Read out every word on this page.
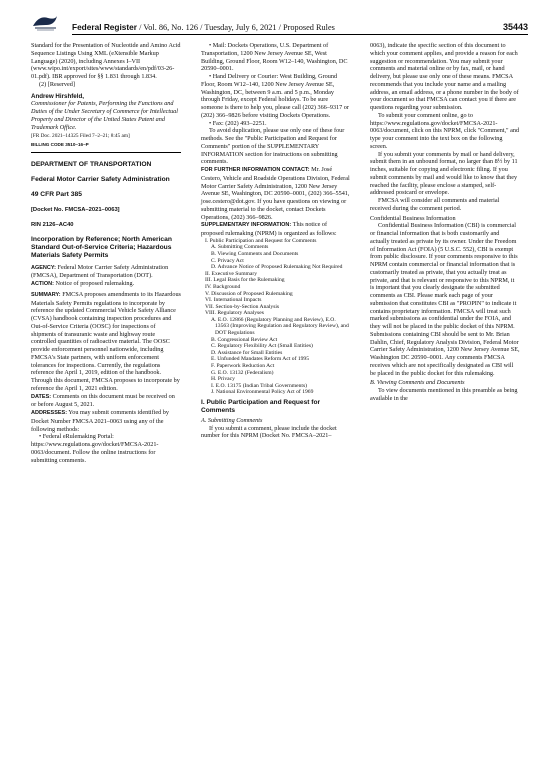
Federal Register / Vol. 86, No. 126 / Tuesday, July 6, 2021 / Proposed Rules	35443

Standard for the Presentation of Nucleotide and Amino Acid Sequence Listings Using XML (eXtensible Markup Language) (2020), including Annexes I–VII (www.wipo.int/export/sites/www/standards/en/pdf/03-26-01.pdf). IBR approved for §§ 1.831 through 1.834.

(2) [Reserved]

Andrew Hirshfeld,

Commissioner for Patents, Performing the Functions and Duties of the Under Secretary of Commerce for Intellectual Property and Director of the United States Patent and Trademark Office.

[FR Doc. 2021–14325 Filed 7–2–21; 8:45 am]

BILLING CODE 3510–16–P

DEPARTMENT OF TRANSPORTATION

Federal Motor Carrier Safety Administration

49 CFR Part 385

[Docket No. FMCSA–2021–0063]

RIN 2126–AC40

Incorporation by Reference; North American Standard Out-of-Service Criteria; Hazardous Materials Safety Permits

AGENCY: Federal Motor Carrier Safety Administration (FMCSA), Department of Transportation (DOT).

ACTION: Notice of proposed rulemaking.

SUMMARY: FMCSA proposes amendments to its Hazardous Materials Safety Permits regulations to incorporate by reference the updated Commercial Vehicle Safety Alliance (CVSA) handbook containing inspection procedures and Out-of-Service Criteria (OOSC) for inspections of shipments of transuranic waste and highway route controlled quantities of radioactive material. The OOSC provide enforcement personnel nationwide, including FMCSA's State partners, with uniform enforcement tolerances for inspections. Currently, the regulations reference the April 1, 2019, edition of the handbook. Through this document, FMCSA proposes to incorporate by reference the April 1, 2021 edition.

DATES: Comments on this document must be received on or before August 5, 2021.

ADDRESSES: You may submit comments identified by Docket Number FMCSA 2021–0063 using any of the following methods:

• Federal eRulemaking Portal: https://www.regulations.gov/docket/FMCSA-2021-0063/document. Follow the online instructions for submitting comments.

• Mail: Dockets Operations, U.S. Department of Transportation, 1200 New Jersey Avenue SE, West Building, Ground Floor, Room W12–140, Washington, DC 20590–0001.

• Hand Delivery or Courier: West Building, Ground Floor, Room W12–140, 1200 New Jersey Avenue SE, Washington, DC, between 9 a.m. and 5 p.m., Monday through Friday, except Federal holidays. To be sure someone is there to help you, please call (202) 366–9317 or (202) 366–9826 before visiting Dockets Operations.

• Fax: (202) 493–2251.

To avoid duplication, please use only one of these four methods. See the "Public Participation and Request for Comments" portion of the SUPPLEMENTARY INFORMATION section for instructions on submitting comments.

FOR FURTHER INFORMATION CONTACT: Mr. José Cestero, Vehicle and Roadside Operations Division, Federal Motor Carrier Safety Administration, 1200 New Jersey Avenue SE, Washington, DC 20590–0001, (202) 366–5541, jose.cestero@dot.gov. If you have questions on viewing or submitting material to the docket, contact Dockets Operations, (202) 366–9826.

SUPPLEMENTARY INFORMATION: This notice of proposed rulemaking (NPRM) is organized as follows:

I. Public Participation and Request for Comments
A. Submitting Comments
B. Viewing Comments and Documents
C. Privacy Act
D. Advance Notice of Proposed Rulemaking Not Required
II. Executive Summary
III. Legal Basis for the Rulemaking
IV. Background
V. Discussion of Proposed Rulemaking
VI. International Impacts
VII. Section-by-Section Analysis
VIII. Regulatory Analyses
A. E.O. 12866 (Regulatory Planning and Review), E.O. 13563 (Improving Regulation and Regulatory Review), and DOT Regulations
B. Congressional Review Act
C. Regulatory Flexibility Act (Small Entities)
D. Assistance for Small Entities
E. Unfunded Mandates Reform Act of 1995
F. Paperwork Reduction Act
G. E.O. 13132 (Federalism)
H. Privacy
I. E.O. 13175 (Indian Tribal Governments)
J. National Environmental Policy Act of 1969

I. Public Participation and Request for Comments

A. Submitting Comments

If you submit a comment, please include the docket number for this NPRM (Docket No. FMCSA–2021–

0063), indicate the specific section of this document to which your comment applies, and provide a reason for each suggestion or recommendation. You may submit your comments and material online or by fax, mail, or hand delivery, but please use only one of these means. FMCSA recommends that you include your name and a mailing address, an email address, or a phone number in the body of your document so that FMCSA can contact you if there are questions regarding your submission.

To submit your comment online, go to https://www.regulations.gov/docket/FMCSA-2021-0063/document, click on this NPRM, click "Comment," and type your comment into the text box on the following screen.

If you submit your comments by mail or hand delivery, submit them in an unbound format, no larger than 8½ by 11 inches, suitable for copying and electronic filing. If you submit comments by mail and would like to know that they reached the facility, please enclose a stamped, self-addressed postcard or envelope.

FMCSA will consider all comments and material received during the comment period.

Confidential Business Information

Confidential Business Information (CBI) is commercial or financial information that is both customarily and actually treated as private by its owner. Under the Freedom of Information Act (FOIA) (5 U.S.C. 552), CBI is exempt from public disclosure. If your comments responsive to this NPRM contain commercial or financial information that is customarily treated as private, that you actually treat as private, and that is relevant or responsive to this NPRM, it is important that you clearly designate the submitted comments as CBI. Please mark each page of your submission that constitutes CBI as "PROPIN" to indicate it contains proprietary information. FMCSA will treat such marked submissions as confidential under the FOIA, and they will not be placed in the public docket of this NPRM. Submissions containing CBI should be sent to Mr. Brian Dahlin, Chief, Regulatory Analysis Division, Federal Motor Carrier Safety Administration, 1200 New Jersey Avenue SE, Washington DC 20590–0001. Any comments FMCSA receives which are not specifically designated as CBI will be placed in the public docket for this rulemaking.

B. Viewing Comments and Documents

To view documents mentioned in this preamble as being available in the
